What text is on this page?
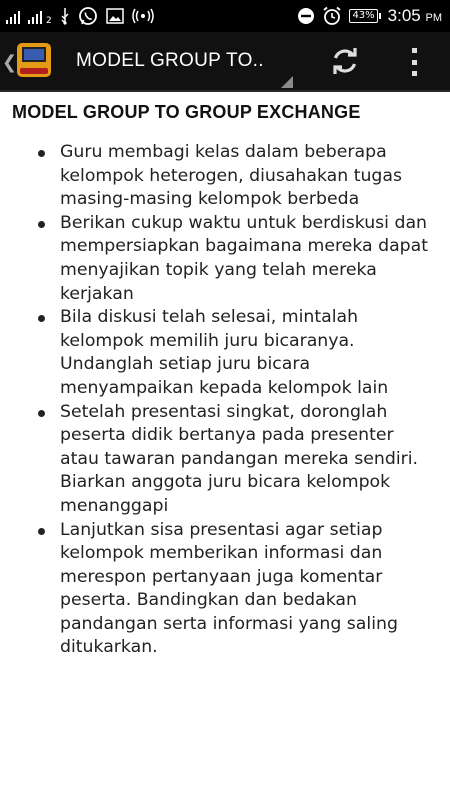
2	43% 3:05 PM
❮	MODEL GROUP TO..
MODEL GROUP TO GROUP EXCHANGE
Guru membagi kelas dalam beberapa kelompok heterogen, diusahakan tugas masing-masing kelompok berbeda
Berikan cukup waktu untuk berdiskusi dan mempersiapkan bagaimana mereka dapat menyajikan topik yang telah mereka kerjakan
Bila diskusi telah selesai, mintalah kelompok memilih juru bicaranya. Undanglah setiap juru bicara menyampaikan kepada kelompok lain
Setelah presentasi singkat, doronglah peserta didik bertanya pada presenter atau tawaran pandangan mereka sendiri. Biarkan anggota juru bicara kelompok menanggapi
Lanjutkan sisa presentasi agar setiap kelompok memberikan informasi dan merespon pertanyaan juga komentar peserta. Bandingkan dan bedakan pandangan serta informasi yang saling ditukarkan.
